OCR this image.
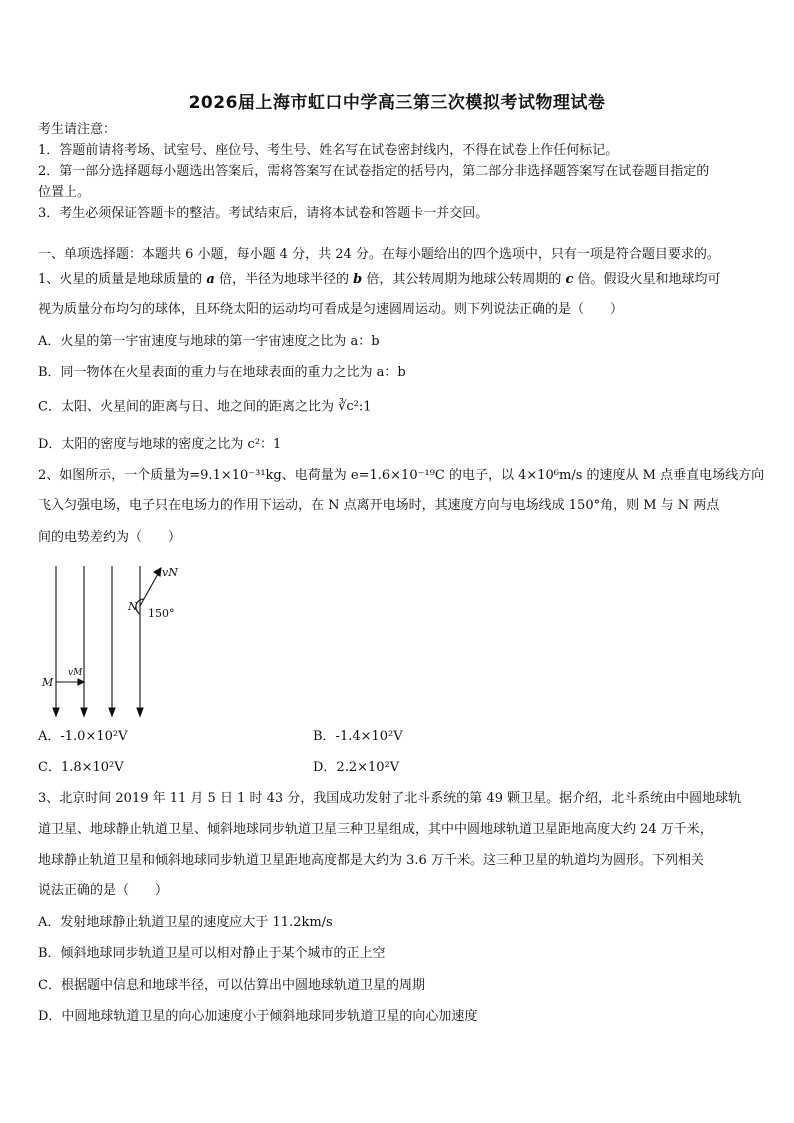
2026届上海市虹口中学高三第三次模拟考试物理试卷
考生请注意：
1．答题前请将考场、试室号、座位号、考生号、姓名写在试卷密封线内，不得在试卷上作任何标记。
2．第一部分选择题每小题选出答案后，需将答案写在试卷指定的括号内，第二部分非选择题答案写在试卷题目指定的
位置上。
3．考生必须保证答题卡的整洁。考试结束后，请将本试卷和答题卡一并交回。
一、单项选择题：本题共 6 小题，每小题 4 分，共 24 分。在每小题给出的四个选项中，只有一项是符合题目要求的。
1、火星的质量是地球质量的 a 倍，半径为地球半径的 b 倍，其公转周期为地球公转周期的 c 倍。假设火星和地球均可
视为质量分布均匀的球体，且环绕太阳的运动均可看成是匀速圆周运动。则下列说法正确的是（　　）
A．火星的第一宇宙速度与地球的第一宇宙速度之比为 a：b
B．同一物体在火星表面的重力与在地球表面的重力之比为 a：b
C．太阳、火星间的距离与日、地之间的距离之比为 ∛c²:1
D．太阳的密度与地球的密度之比为 c²：1
2、如图所示，一个质量为=9.1×10⁻³¹kg、电荷量为 e=1.6×10⁻¹⁹C 的电子，以 4×10⁶m/s 的速度从 M 点垂直电场线方向
飞入匀强电场，电子只在电场力的作用下运动，在 N 点离开电场时，其速度方向与电场线成 150°角，则 M 与 N 两点
间的电势差约为（　　）
vN
N
150°
M
vM
A．-1.0×10²V	B．-1.4×10²V
C．1.8×10²V	D．2.2×10²V
3、北京时间 2019 年 11 月 5 日 1 时 43 分，我国成功发射了北斗系统的第 49 颗卫星。据介绍，北斗系统由中圆地球轨
道卫星、地球静止轨道卫星、倾斜地球同步轨道卫星三种卫星组成，其中中圆地球轨道卫星距地高度大约 24 万千米，
地球静止轨道卫星和倾斜地球同步轨道卫星距地高度都是大约为 3.6 万千米。这三种卫星的轨道均为圆形。下列相关
说法正确的是（　　）
A．发射地球静止轨道卫星的速度应大于 11.2km/s
B．倾斜地球同步轨道卫星可以相对静止于某个城市的正上空
C．根据题中信息和地球半径，可以估算出中圆地球轨道卫星的周期
D．中圆地球轨道卫星的向心加速度小于倾斜地球同步轨道卫星的向心加速度
